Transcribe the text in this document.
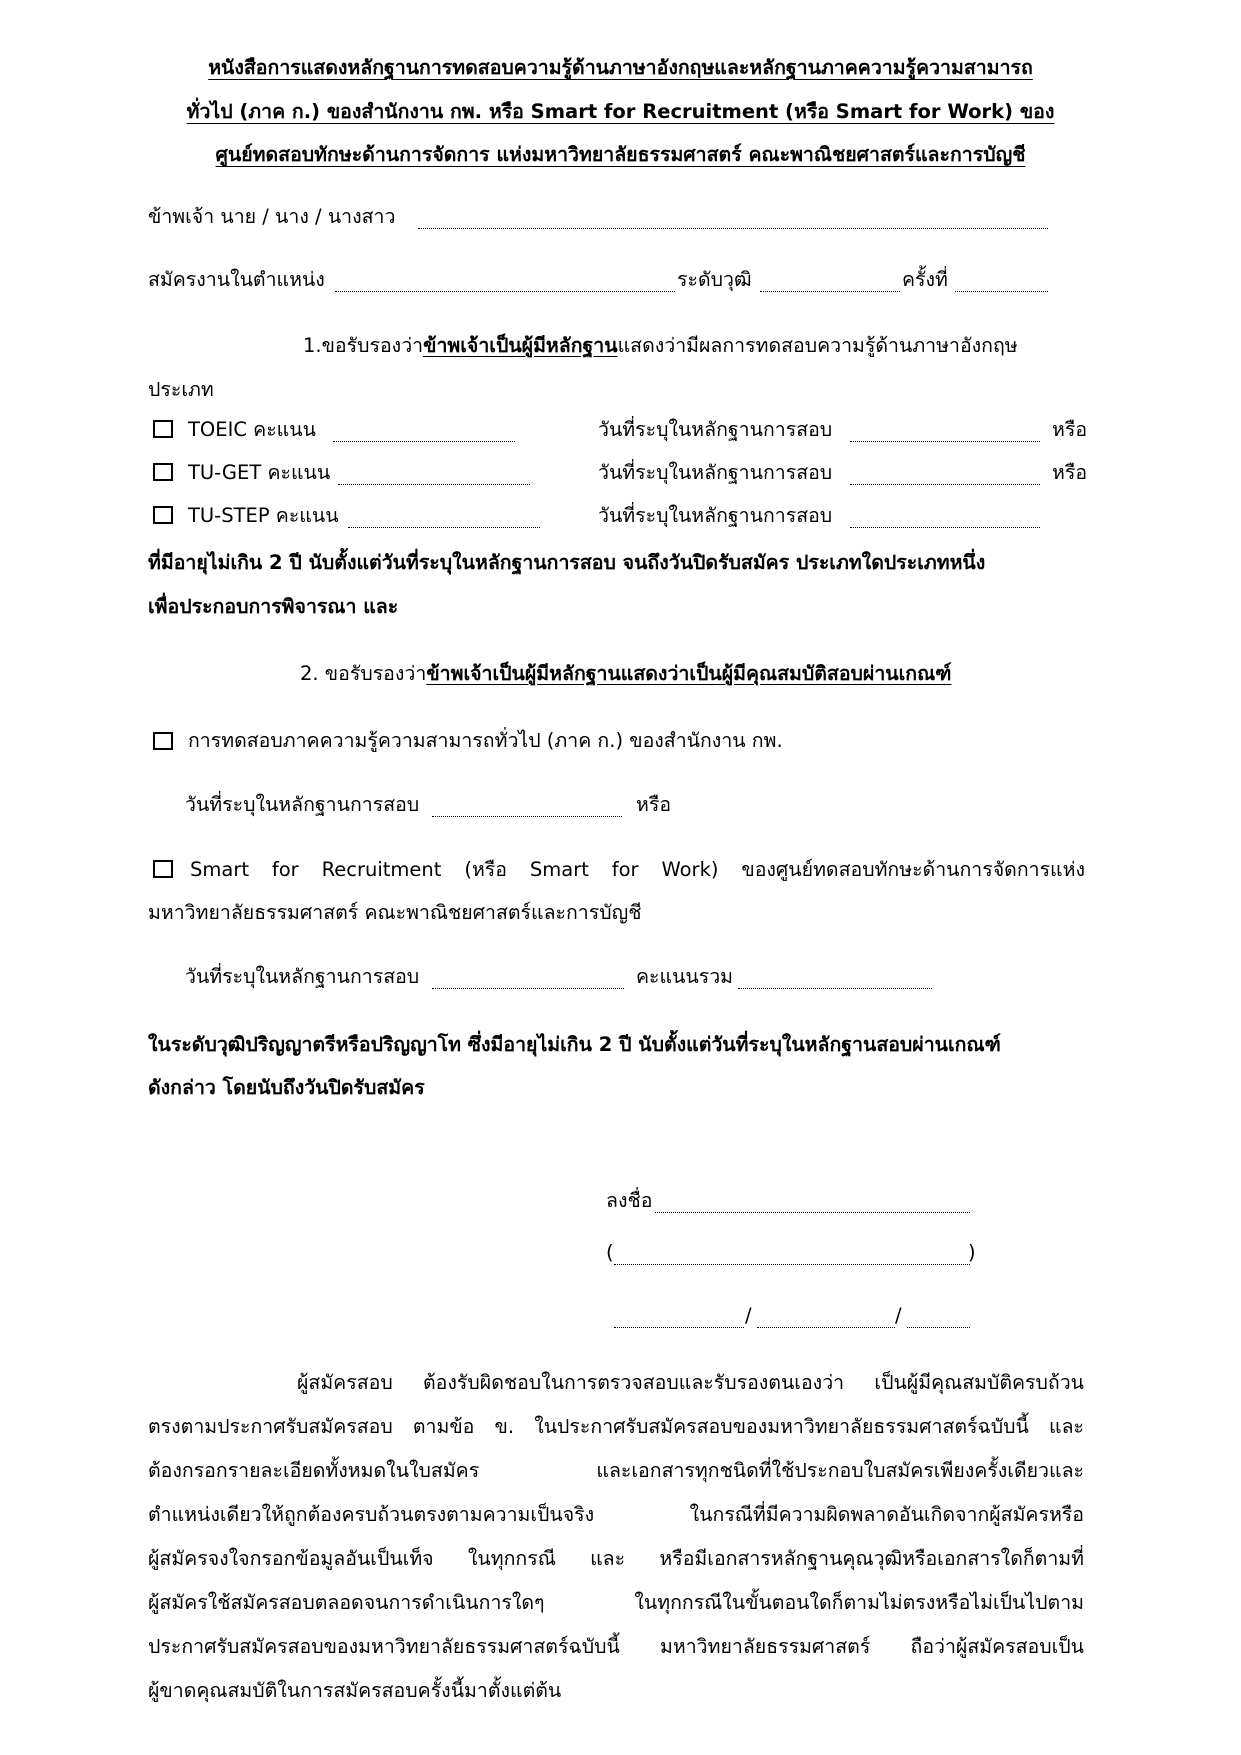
หนังสือการแสดงหลักฐานการทดสอบความรู้ด้านภาษาอังกฤษและหลักฐานภาคความรู้ความสามารถ
ทั่วไป (ภาค ก.) ของสำนักงาน กพ. หรือ Smart for Recruitment (หรือ Smart for Work) ของ
ศูนย์ทดสอบทักษะด้านการจัดการ แห่งมหาวิทยาลัยธรรมศาสตร์ คณะพาณิชยศาสตร์และการบัญชี
ข้าพเจ้า นาย / นาง / นางสาว
สมัครงานในตำแหน่ง	ระดับวุฒิ	ครั้งที่
1.ขอรับรองว่าข้าพเจ้าเป็นผู้มีหลักฐานแสดงว่ามีผลการทดสอบความรู้ด้านภาษาอังกฤษ
ประเภท
TOEIC คะแนน	วันที่ระบุในหลักฐานการสอบ	หรือ
TU-GET คะแนน	วันที่ระบุในหลักฐานการสอบ	หรือ
TU-STEP คะแนน	วันที่ระบุในหลักฐานการสอบ
ที่มีอายุไม่เกิน 2 ปี นับตั้งแต่วันที่ระบุในหลักฐานการสอบ จนถึงวันปิดรับสมัคร ประเภทใดประเภทหนึ่ง
เพื่อประกอบการพิจารณา และ
2. ขอรับรองว่าข้าพเจ้าเป็นผู้มีหลักฐานแสดงว่าเป็นผู้มีคุณสมบัติสอบผ่านเกณฑ์
การทดสอบภาคความรู้ความสามารถทั่วไป (ภาค ก.) ของสำนักงาน กพ.
วันที่ระบุในหลักฐานการสอบ	หรือ
Smart for Recruitment (หรือ Smart for Work) ของศูนย์ทดสอบทักษะด้านการจัดการแห่ง
มหาวิทยาลัยธรรมศาสตร์ คณะพาณิชยศาสตร์และการบัญชี
วันที่ระบุในหลักฐานการสอบ	คะแนนรวม
ในระดับวุฒิปริญญาตรีหรือปริญญาโท ซึ่งมีอายุไม่เกิน 2 ปี นับตั้งแต่วันที่ระบุในหลักฐานสอบผ่านเกณฑ์
ดังกล่าว โดยนับถึงวันปิดรับสมัคร
ลงชื่อ
(	)
/	/
ผู้สมัครสอบ ต้องรับผิดชอบในการตรวจสอบและรับรองตนเองว่า เป็นผู้มีคุณสมบัติครบถ้วน
ตรงตามประกาศรับสมัครสอบ ตามข้อ ข. ในประกาศรับสมัครสอบของมหาวิทยาลัยธรรมศาสตร์ฉบับนี้ และ
ต้องกรอกรายละเอียดทั้งหมดในใบสมัคร และเอกสารทุกชนิดที่ใช้ประกอบใบสมัครเพียงครั้งเดียวและ
ตำแหน่งเดียวให้ถูกต้องครบถ้วนตรงตามความเป็นจริง ในกรณีที่มีความผิดพลาดอันเกิดจากผู้สมัครหรือ
ผู้สมัครจงใจกรอกข้อมูลอันเป็นเท็จ ในทุกกรณี และ หรือมีเอกสารหลักฐานคุณวุฒิหรือเอกสารใดก็ตามที่
ผู้สมัครใช้สมัครสอบตลอดจนการดำเนินการใดๆ ในทุกกรณีในขั้นตอนใดก็ตามไม่ตรงหรือไม่เป็นไปตาม
ประกาศรับสมัครสอบของมหาวิทยาลัยธรรมศาสตร์ฉบับนี้ มหาวิทยาลัยธรรมศาสตร์ ถือว่าผู้สมัครสอบเป็น
ผู้ขาดคุณสมบัติในการสมัครสอบครั้งนี้มาตั้งแต่ต้น
